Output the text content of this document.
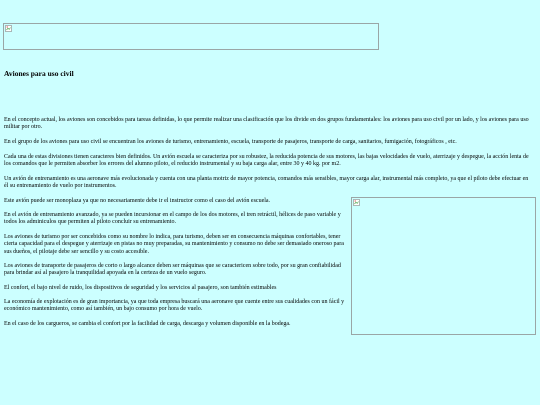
Aviones para uso civil

En el concepto actual, los aviones son concebidos para tareas definidas, lo que permite realizar una clasificación que los divide en dos grupos fundamentales: los aviones para uso civil por un lado, y los aviones para uso militar por otro.

En el grupo de los aviones para uso civil se encuentran los aviones de turismo, entrenamiento, escuela, transporte de pasajeros, transporte de carga, sanitarios, fumigación, fotográficos , etc.

Cada una de estas divisiones tienen caracteres bien definidos. Un avión escuela se caracteriza por su robustez, la reducida potencia de sus motores, las bajas velocidades de vuelo, aterrizaje y despegue, la acción lenta de los comandos que le permiten absorber los errores del alumno piloto, el reducido instrumental y su baja carga alar, entre 30 y 40 kg. por m2.

Un avión de entrenamiento es una aeronave más evolucionada y cuenta con una planta motriz de mayor potencia, comandos más sensibles, mayor carga alar, instrumental más completo, ya que el piloto debe efectuar en él su entrenamiento de vuelo por instrumentos.

Este avión puede ser monoplaza ya que no necesariamente debe ir el instructor como el caso del avión escuela.

En el avión de entrenamiento avanzado, ya se pueden incursionar en el campo de los dos motores, el tren retráctil, hélices de paso variable y todos los adminiculos que permiten al piloto concluir su entrenamiento.

Los aviones de turismo por ser concebidos como su nombre lo indica, para turismo, deben ser en consecuencia máquinas confortables, tener cierta capacidad para el despegue y aterrizaje en pistas no muy preparadas, su mantenimiento y consumo no debe ser demasiado oneroso para sus dueños, el pilotaje debe ser sencillo y su costo accesible.

Los aviones de transporte de pasajeros de corto o largo alcance deben ser máquinas que se caractericen sobre todo, por su gran confiabilidad para brindar así al pasajero la tranquilidad apoyada en la certeza de un vuelo seguro.

El confort, el bajo nivel de ruido, los dispositivos de seguridad y los servicios al pasajero, son también estimables

La economía de explotación es de gran importancia, ya que toda empresa buscará una aeronave que cuente entre sus cualidades con un fácil y económico mantenimiento, como así también, un bajo consumo por hora de vuelo.

En el caso de los cargueros, se cambia el confort por la facilidad de carga, descarga y volumen disponible en la bodega.
